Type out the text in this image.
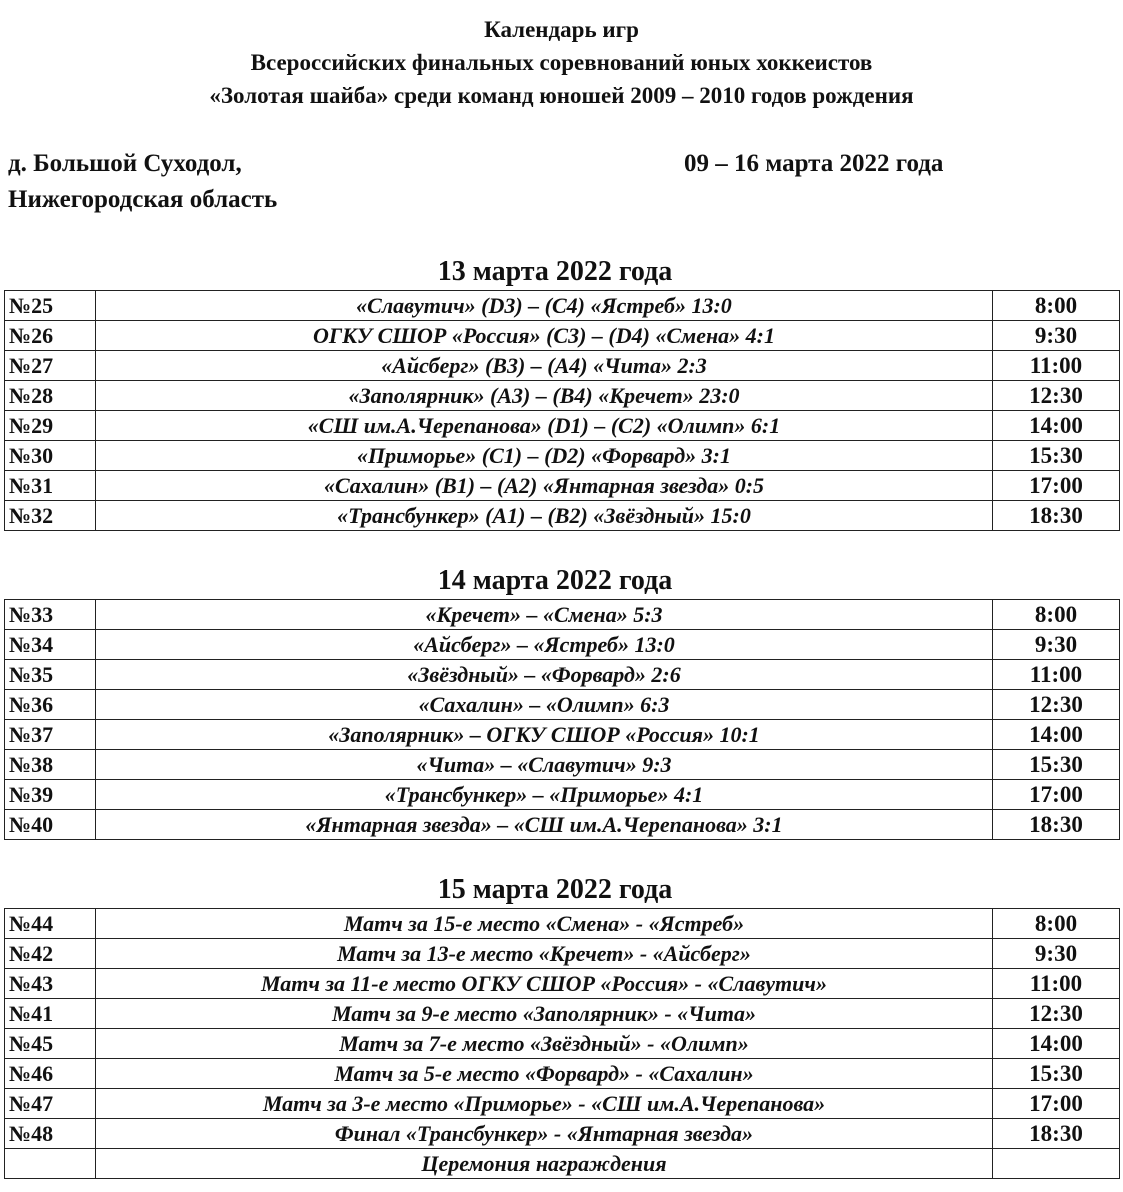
Календарь игр
Всероссийских финальных соревнований юных хоккеистов
«Золотая шайба» среди команд юношей 2009 – 2010 годов рождения
д. Большой Суходол,
Нижегородская область
09 – 16 марта 2022 года
13 марта 2022 года
№25	«Славутич» (D3) – (C4) «Ястреб» 13:0	8:00
№26	ОГКУ СШОР «Россия» (C3) – (D4) «Смена» 4:1	9:30
№27	«Айсберг» (B3) – (A4) «Чита» 2:3	11:00
№28	«Заполярник» (A3) – (B4) «Кречет» 23:0	12:30
№29	«СШ им.А.Черепанова» (D1) – (C2) «Олимп» 6:1	14:00
№30	«Приморье» (C1) – (D2) «Форвард» 3:1	15:30
№31	«Сахалин» (B1) – (A2) «Янтарная звезда» 0:5	17:00
№32	«Трансбункер» (A1) – (B2) «Звёздный» 15:0	18:30
14 марта 2022 года
№33	«Кречет» – «Смена» 5:3	8:00
№34	«Айсберг» – «Ястреб» 13:0	9:30
№35	«Звёздный» – «Форвард» 2:6	11:00
№36	«Сахалин» – «Олимп» 6:3	12:30
№37	«Заполярник» – ОГКУ СШОР «Россия» 10:1	14:00
№38	«Чита» – «Славутич» 9:3	15:30
№39	«Трансбункер» – «Приморье» 4:1	17:00
№40	«Янтарная звезда» – «СШ им.А.Черепанова» 3:1	18:30
15 марта 2022 года
№44	Матч за 15-е место «Смена» - «Ястреб»	8:00
№42	Матч за 13-е место «Кречет» - «Айсберг»	9:30
№43	Матч за 11-е место ОГКУ СШОР «Россия» - «Славутич»	11:00
№41	Матч за 9-е место «Заполярник» - «Чита»	12:30
№45	Матч за 7-е место «Звёздный» - «Олимп»	14:00
№46	Матч за 5-е место «Форвард» - «Сахалин»	15:30
№47	Матч за 3-е место «Приморье» - «СШ им.А.Черепанова»	17:00
№48	Финал «Трансбункер» - «Янтарная звезда»	18:30
	Церемония награждения	
